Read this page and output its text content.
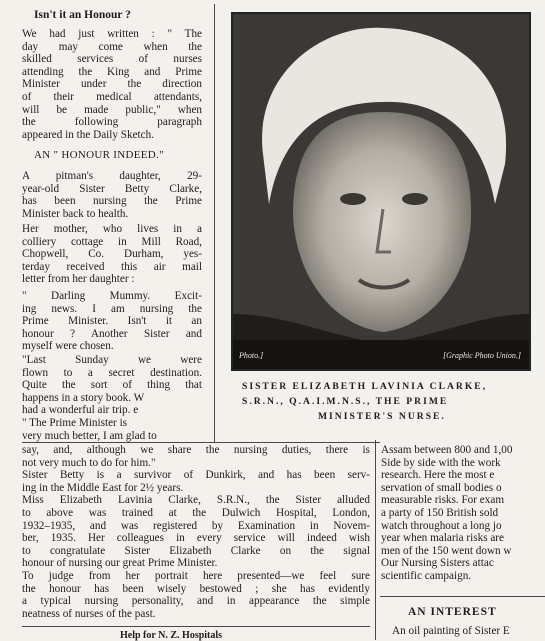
Isn't it an Honour ?
We had just written : " The
day may come when the
skilled services of nurses
attending the King and Prime
Minister under the direction
of their medical attendants,
will be made public," when
the following paragraph
appeared in the Daily Sketch.
AN " HONOUR INDEED."
A pitman's daughter, 29-
year-old Sister Betty Clarke,
has been nursing the Prime
Minister back to health.
Her mother, who lives in a
colliery cottage in Mill Road,
Chopwell, Co. Durham, yes-
terday received this air mail
letter from her daughter :
" Darling Mummy. Excit-
ing news. I am nursing the
Prime Minister. Isn't it an
honour ? Another Sister and
myself were chosen.
"Last Sunday we were
flown to a secret destination.
Quite the sort of thing that
happens in a story book. W
had a wonderful air trip. e
" The Prime Minister is
very much better, I am glad to
Photo.]	[Graphic Photo Union.]
SISTER ELIZABETH LAVINIA CLARKE,
S.R.N., Q.A.I.M.N.S., THE PRIME
MINISTER'S NURSE.
say, and, although we share the nursing duties, there is
not very much to do for him."
Sister Betty is a survivor of Dunkirk, and has been serv-
ing in the Middle East for 2½ years.
Miss Elizabeth Lavinia Clarke, S.R.N., the Sister alluded
to above was trained at the Dulwich Hospital, London,
1932–1935, and was registered by Examination in Novem-
ber, 1935. Her colleagues in every service will indeed wish
to congratulate Sister Elizabeth Clarke on the signal
honour of nursing our great Prime Minister.
To judge from her portrait here presented—we feel sure
the honour has been wisely bestowed ; she has evidently
a typical nursing personality, and in appearance the simple
neatness of nurses of the past.
Assam between 800 and 1,00
Side by side with the work
research. Here the most e
servation of small bodies o
measurable risks. For exam
a party of 150 British sold
watch throughout a long jo
year when malaria risks are
men of the 150 went down w
Our Nursing Sisters attac
scientific campaign.
AN INTEREST
An oil painting of Sister E
Help for N. Z. Hospitals
